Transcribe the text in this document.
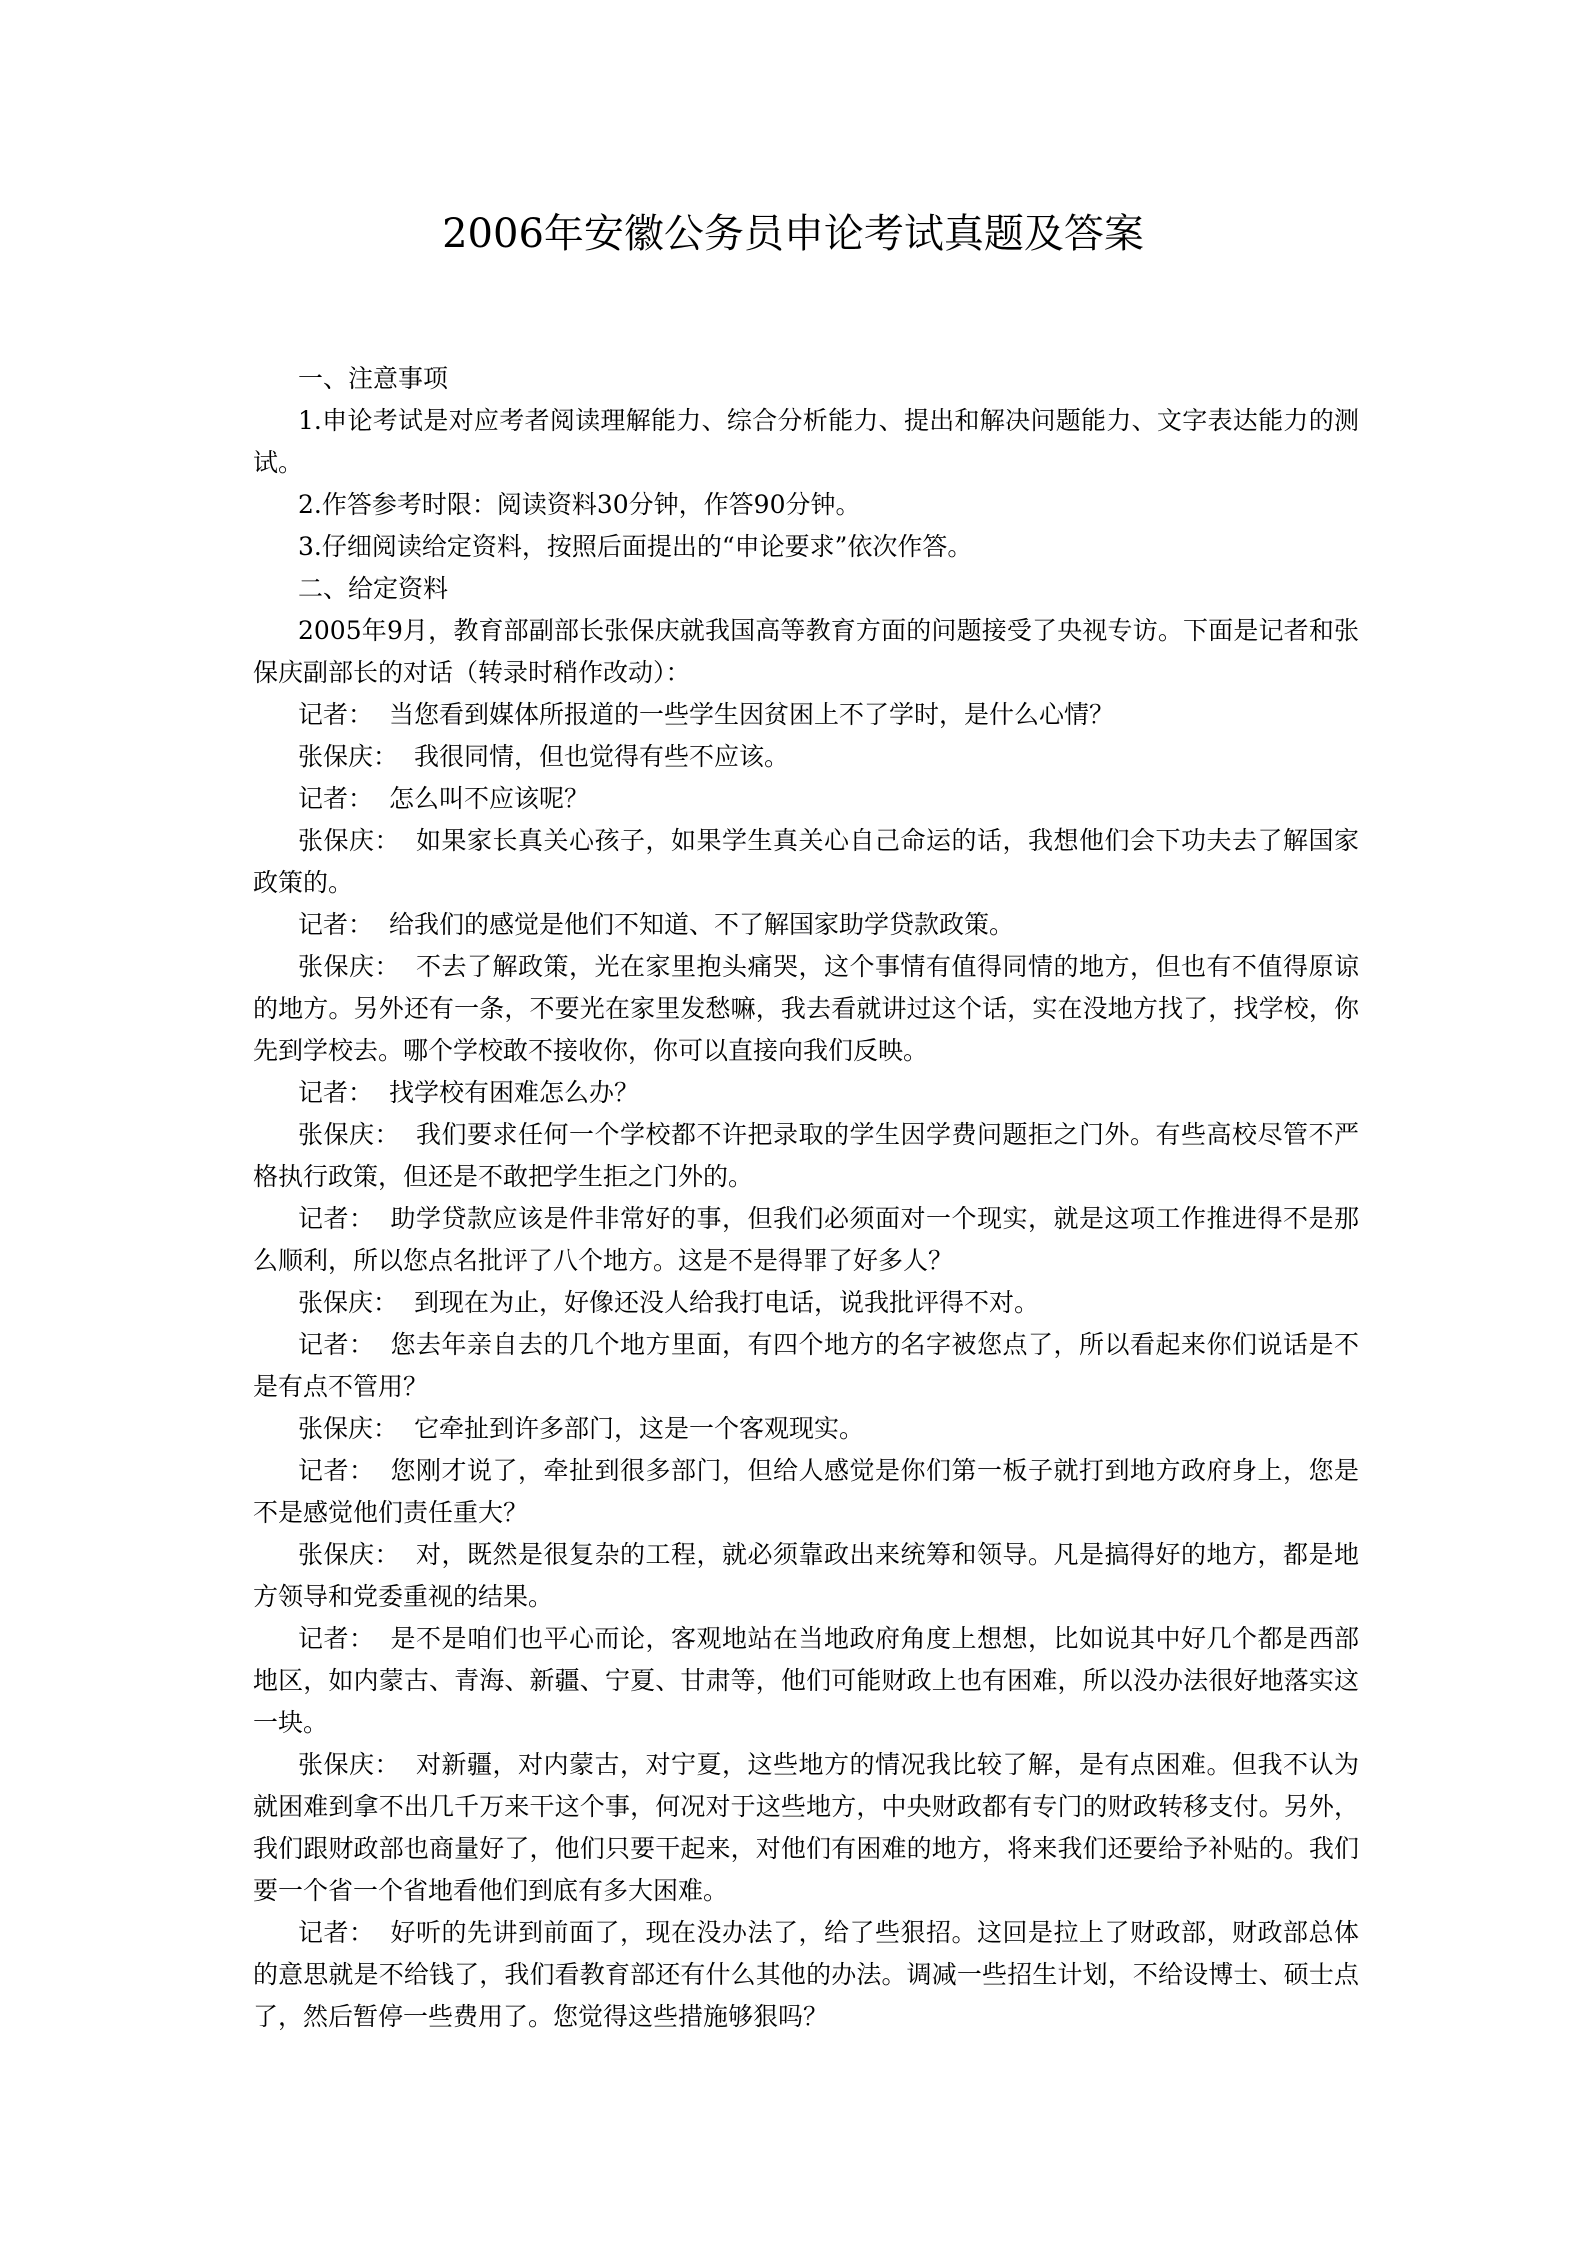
2006年安徽公务员申论考试真题及答案

一、注意事项

1.申论考试是对应考者阅读理解能力、综合分析能力、提出和解决问题能力、文字表达能力的测试。

2.作答参考时限：阅读资料30分钟，作答90分钟。

3.仔细阅读给定资料，按照后面提出的“申论要求”依次作答。

二、给定资料

2005年9月，教育部副部长张保庆就我国高等教育方面的问题接受了央视专访。下面是记者和张保庆副部长的对话（转录时稍作改动）：

记者： 当您看到媒体所报道的一些学生因贫困上不了学时，是什么心情？

张保庆： 我很同情，但也觉得有些不应该。

记者： 怎么叫不应该呢？

张保庆： 如果家长真关心孩子，如果学生真关心自己命运的话，我想他们会下功夫去了解国家政策的。

记者： 给我们的感觉是他们不知道、不了解国家助学贷款政策。

张保庆： 不去了解政策，光在家里抱头痛哭，这个事情有值得同情的地方，但也有不值得原谅的地方。另外还有一条，不要光在家里发愁嘛，我去看就讲过这个话，实在没地方找了，找学校，你先到学校去。哪个学校敢不接收你，你可以直接向我们反映。

记者： 找学校有困难怎么办？

张保庆： 我们要求任何一个学校都不许把录取的学生因学费问题拒之门外。有些高校尽管不严格执行政策，但还是不敢把学生拒之门外的。

记者： 助学贷款应该是件非常好的事，但我们必须面对一个现实，就是这项工作推进得不是那么顺利，所以您点名批评了八个地方。这是不是得罪了好多人？

张保庆： 到现在为止，好像还没人给我打电话，说我批评得不对。

记者： 您去年亲自去的几个地方里面，有四个地方的名字被您点了，所以看起来你们说话是不是有点不管用？

张保庆： 它牵扯到许多部门，这是一个客观现实。

记者： 您刚才说了，牵扯到很多部门，但给人感觉是你们第一板子就打到地方政府身上，您是不是感觉他们责任重大？

张保庆： 对，既然是很复杂的工程，就必须靠政出来统筹和领导。凡是搞得好的地方，都是地方领导和党委重视的结果。

记者： 是不是咱们也平心而论，客观地站在当地政府角度上想想，比如说其中好几个都是西部地区，如内蒙古、青海、新疆、宁夏、甘肃等，他们可能财政上也有困难，所以没办法很好地落实这一块。

张保庆： 对新疆，对内蒙古，对宁夏，这些地方的情况我比较了解，是有点困难。但我不认为就困难到拿不出几千万来干这个事，何况对于这些地方，中央财政都有专门的财政转移支付。另外，我们跟财政部也商量好了，他们只要干起来，对他们有困难的地方，将来我们还要给予补贴的。我们要一个省一个省地看他们到底有多大困难。

记者： 好听的先讲到前面了，现在没办法了，给了些狠招。这回是拉上了财政部，财政部总体的意思就是不给钱了，我们看教育部还有什么其他的办法。调减一些招生计划，不给设博士、硕士点了，然后暂停一些费用了。您觉得这些措施够狠吗？
